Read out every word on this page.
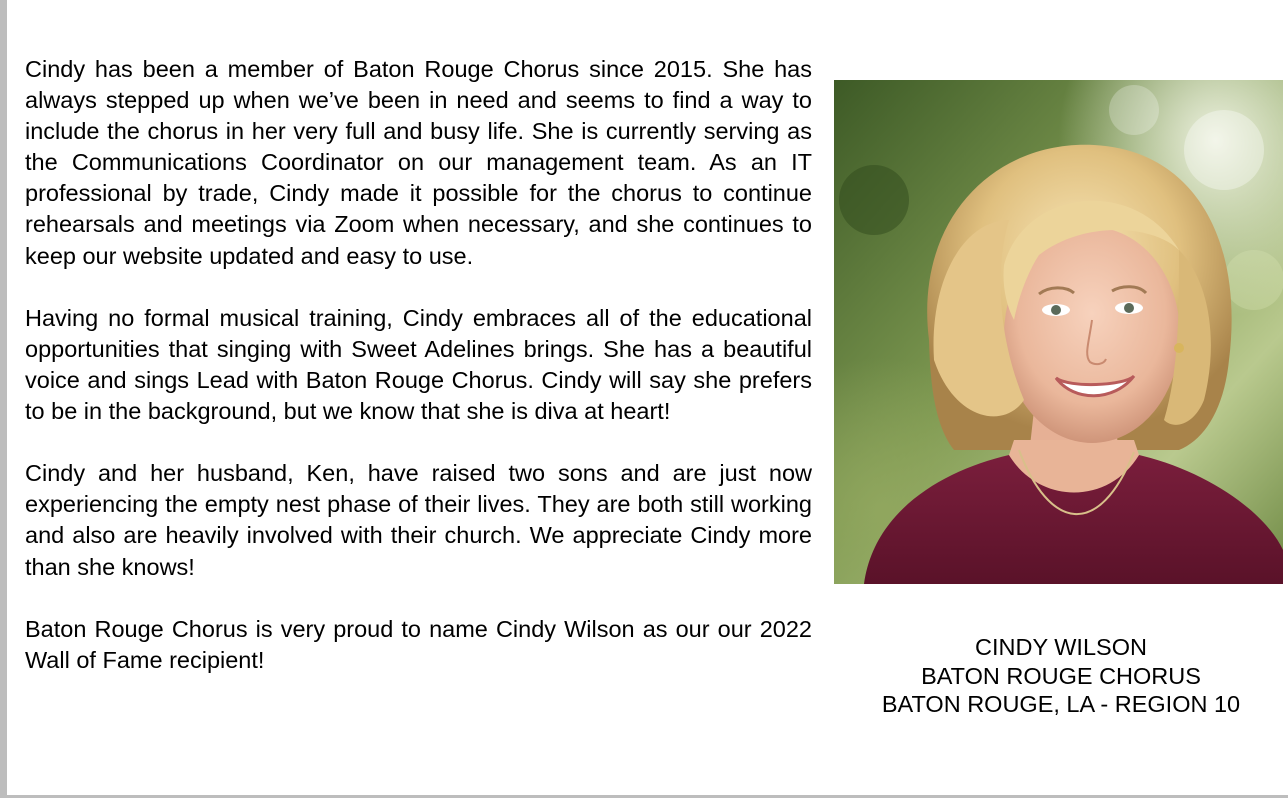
Cindy has been a member of Baton Rouge Chorus since 2015. She has always stepped up when we’ve been in need and seems to find a way to include the chorus in her very full and busy life. She is currently serving as the Communications Coordinator on our management team. As an IT professional by trade, Cindy made it possible for the chorus to continue rehearsals and meetings via Zoom when necessary, and she continues to keep our website updated and easy to use.

Having no formal musical training, Cindy embraces all of the educational opportunities that singing with Sweet Adelines brings. She has a beautiful voice and sings Lead with Baton Rouge Chorus. Cindy will say she prefers to be in the background, but we know that she is diva at heart!

Cindy and her husband, Ken, have raised two sons and are just now experiencing the empty nest phase of their lives. They are both still working and also are heavily involved with their church. We appreciate Cindy more than she knows!

Baton Rouge Chorus is very proud to name Cindy Wilson as our our 2022 Wall of Fame recipient!	CINDY WILSON
BATON ROUGE CHORUS
BATON ROUGE, LA - REGION 10
